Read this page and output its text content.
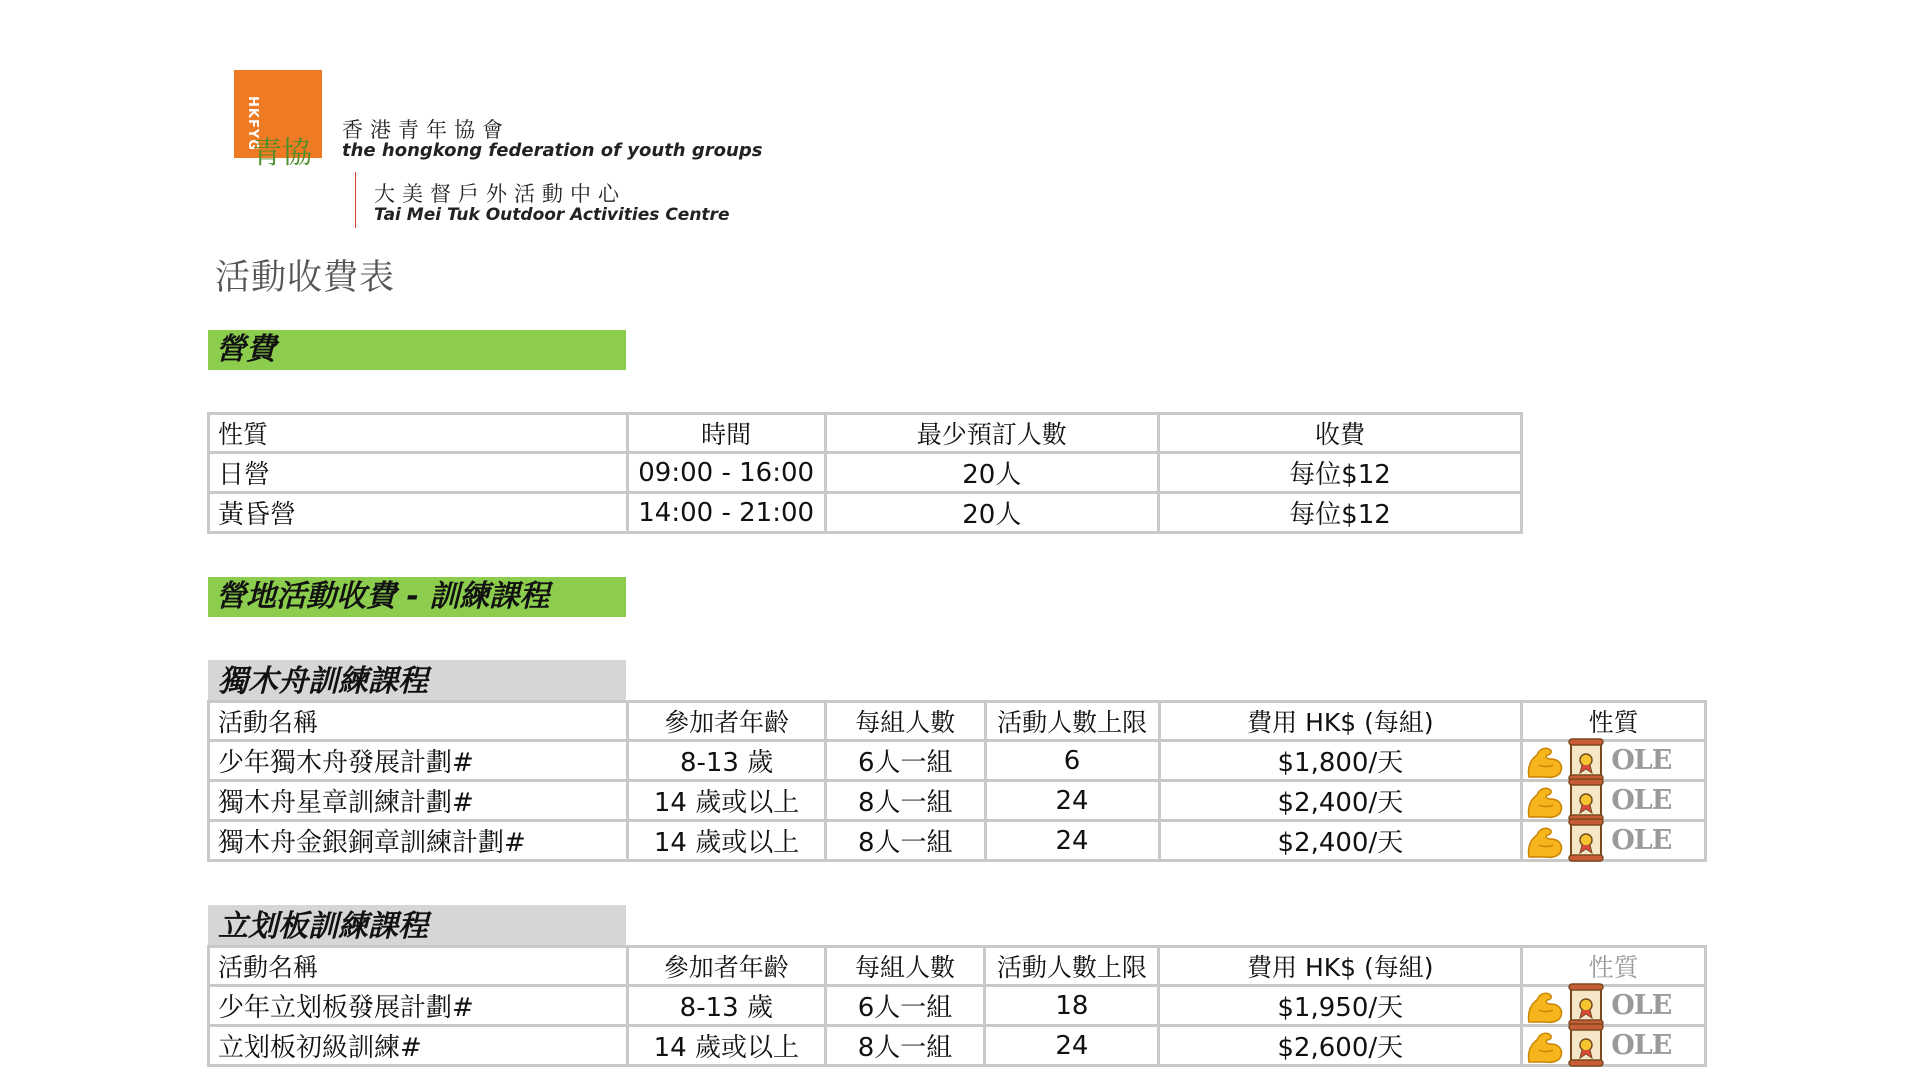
HKFYG
青協
香港青年協會
the hongkong federation of youth groups
大美督戶外活動中心
Tai Mei Tuk Outdoor Activities Centre
活動收費表
營費
性質	時間	最少預訂人數	收費
日營	09:00 - 16:00	20人	每位$12
黃昏營	14:00 - 21:00	20人	每位$12
營地活動收費 - 訓練課程
獨木舟訓練課程
活動名稱	參加者年齡	每組人數	活動人數上限	費用 HK$ (每組)	性質
少年獨木舟發展計劃#	8-13 歲	6人一組	6	$1,800/天	OLE

獨木舟星章訓練計劃#	14 歲或以上	8人一組	24	$2,400/天	OLE

獨木舟金銀銅章訓練計劃#	14 歲或以上	8人一組	24	$2,400/天	OLE
立划板訓練課程
活動名稱	參加者年齡	每組人數	活動人數上限	費用 HK$ (每組)	性質
少年立划板發展計劃#	8-13 歲	6人一組	18	$1,950/天	OLE

立划板初級訓練#	14 歲或以上	8人一組	24	$2,600/天	OLE
